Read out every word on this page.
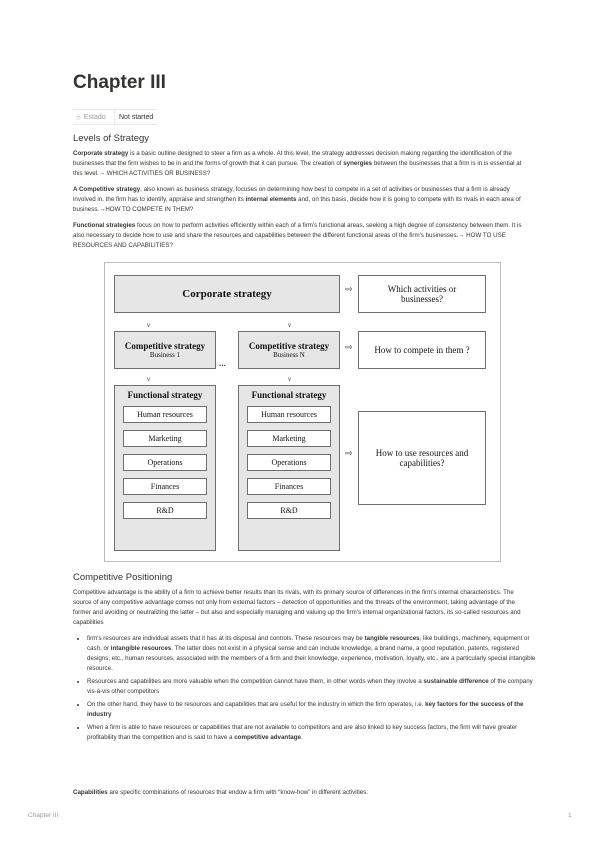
Chapter III
○ Estado	Not started
Levels of Strategy

Corporate strategy is a basic outline designed to steer a firm as a whole. At this level, the strategy addresses decision making regarding the identification of the businesses that the firm wishes to be in and the forms of growth that it can pursue. The creation of synergies between the businesses that a firm is in is essential at this level.→ WHICH ACTIVITIES OR BUSINESS?

A Competitive strategy, also known as business strategy, focuses on determining how best to compete in a set of activities or businesses that a firm is already involved in. the firm has to identify, appraise and strengthen its internal elements and, on this basis, decide how it is going to compete with its rivals in each area of business.→HOW TO COMPETE IN THEM?

Functional strategies focus on how to perform activities efficiently within each of a firm's functional areas, seeking a high degree of consistency between them. It is also necessary to decide how to use and share the resources and capabilities between the different functional areas of the firm's businesses.→ HOW TO USE RESOURCES AND CAPABILITIES?

Corporate strategy	⇨	Which activities or businesses?
v	v
Competitive strategy
Business 1
...
Competitive strategy
Business N
⇨	How to compete in them ?
v	v
Functional strategy
Human resources
Marketing
Operations
Finances
R&D
Functional strategy
Human resources
Marketing
Operations
Finances
R&D
⇨	How to use resources and capabilities?
Competitive Positioning

Competitive advantage is the ability of a firm to achieve better results than its rivals, with its primary source of differences in the firm's internal characteristics. The source of any competitive advantage comes not only from external factors – detection of opportunities and the threats of the environment, taking advantage of the former and avoiding or neutralizing the latter – but also and especially managing and valuing up the firm's internal organizational factors, its so-called resources and capabilities

• firm's resources are individual assets that it has at its disposal and controls. These resources may be tangible resources, like buildings, machinery, equipment or cash, or intangible resources. The latter does not exist in a physical sense and can include knowledge, a brand name, a good reputation, patents, registered designs, etc., human resources, associated with the members of a firm and their knowledge, experience, motivation, loyalty, etc., are a particularly special intangible resource.
• Resources and capabilities are more valuable when the competition cannot have them, in other words when they involve a sustainable difference of the company vis-à-vis other competitors
• On the other hand, they have to be resources and capabilities that are useful for the industry in which the firm operates, i.e. key factors for the success of the industry
• When a firm is able to have resources or capabilities that are not available to competitors and are also linked to key success factors, the firm will have greater profitability than the competition and is said to have a competitive advantage.

Capabilities are specific combinations of resources that endow a firm with “know-how” in different activities.

Chapter III	1
